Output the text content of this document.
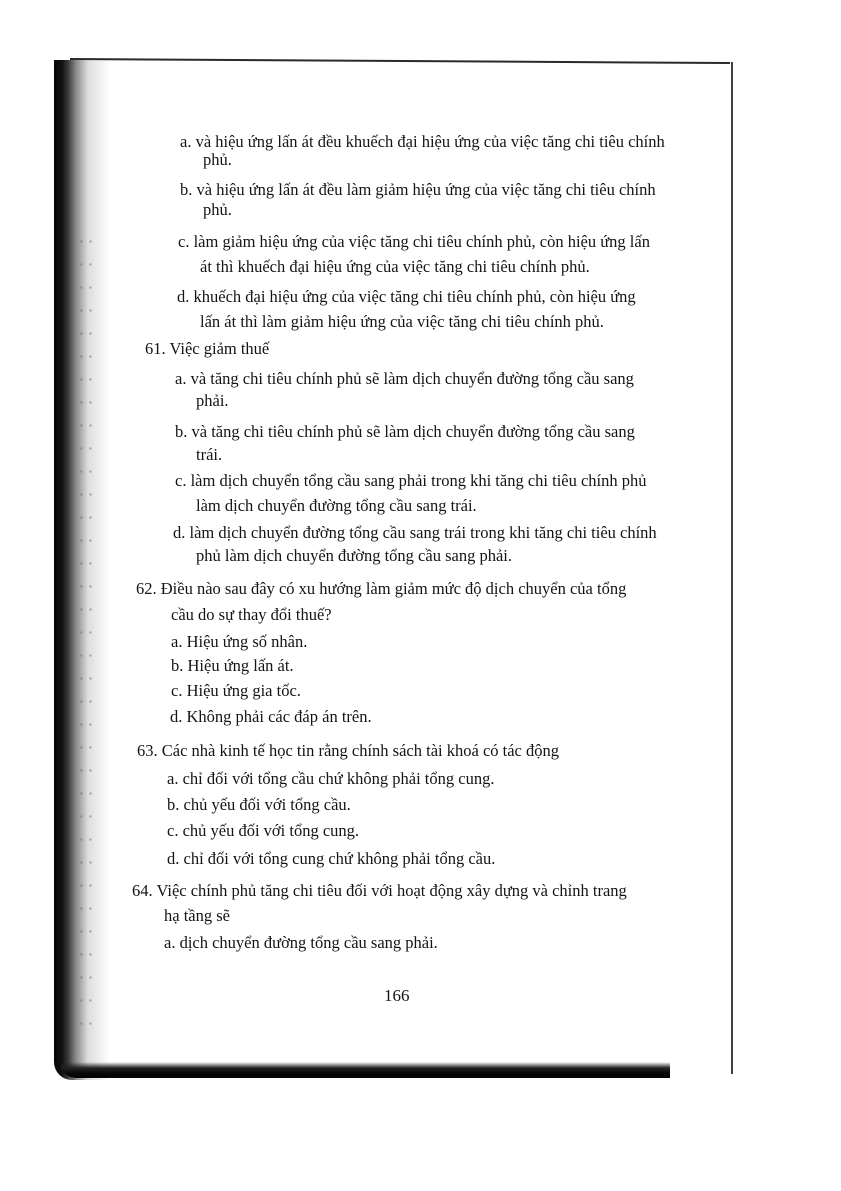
a. và hiệu ứng lấn át đều khuếch đại hiệu ứng của việc tăng chi tiêu chính
phủ.
b. và hiệu ứng lấn át đều làm giảm hiệu ứng của việc tăng chi tiêu chính
phủ.
c. làm giảm hiệu ứng của việc tăng chi tiêu chính phủ, còn hiệu ứng lấn
át thì khuếch đại hiệu ứng của việc tăng chi tiêu chính phủ.
d. khuếch đại hiệu ứng của việc tăng chi tiêu chính phủ, còn hiệu ứng
lấn át thì làm giảm hiệu ứng của việc tăng chi tiêu chính phủ.
61. Việc giảm thuế
a. và tăng chi tiêu chính phủ sẽ làm dịch chuyển đường tổng cầu sang
phải.
b. và tăng chi tiêu chính phủ sẽ làm dịch chuyển đường tổng cầu sang
trái.
c. làm dịch chuyển tổng cầu sang phải trong khi tăng chi tiêu chính phủ
làm dịch chuyển đường tổng cầu sang trái.
d. làm dịch chuyển đường tổng cầu sang trái trong khi tăng chi tiêu chính
phủ làm dịch chuyển đường tổng cầu sang phải.
62. Điều nào sau đây có xu hướng làm giảm mức độ dịch chuyển của tổng
cầu do sự thay đổi thuế?
a. Hiệu ứng số nhân.
b. Hiệu ứng lấn át.
c. Hiệu ứng gia tốc.
d. Không phải các đáp án trên.
63. Các nhà kinh tế học tin rằng chính sách tài khoá có tác động
a. chỉ đối với tổng cầu chứ không phải tổng cung.
b. chủ yếu đối với tổng cầu.
c. chủ yếu đối với tổng cung.
d. chỉ đối với tổng cung chứ không phải tổng cầu.
64. Việc chính phủ tăng chi tiêu đối với hoạt động xây dựng và chỉnh trang
hạ tầng sẽ
a. dịch chuyển đường tổng cầu sang phải.
166
